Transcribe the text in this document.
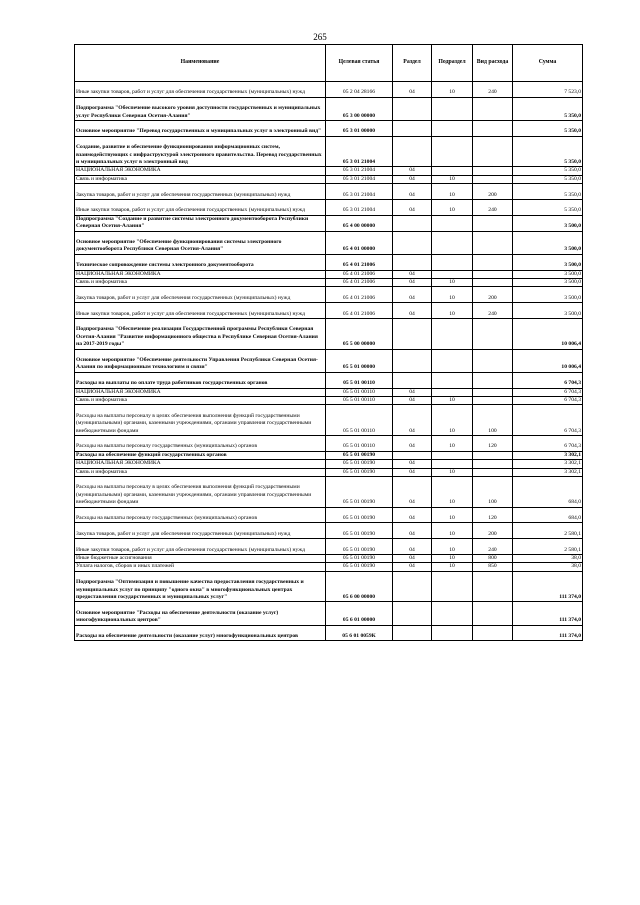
265
Наименование	Целевая статья	Раздел	Подраздел	Вид расхода	Сумма
Иные закупки товаров, работ и услуг для обеспечения государственных (муниципальных) нужд	05 2 04 28166	04	10	240	7 523,0
Подпрограмма "Обеспечение высокого уровня доступности государственных и муниципальных услуг Республики Северная Осетия-Алания"	05 3 00 00000				5 350,0
Основное мероприятие "Перевод государственных и муниципальных услуг в электронный вид"	05 3 01 00000				5 350,0
Создание, развитие и обеспечение функционирования информационных систем, взаимодействующих с инфраструктурой электронного правительства. Перевод государственных и муниципальных услуг в электронный вид	05 3 01 21004				5 350,0
НАЦИОНАЛЬНАЯ ЭКОНОМИКА	05 3 01 21004	04			5 350,0
Связь и информатика	05 3 01 21004	04	10		5 350,0
Закупка товаров, работ и услуг для обеспечения государственных (муниципальных) нужд	05 3 01 21004	04	10	200	5 350,0
Иные закупки товаров, работ и услуг для обеспечения государственных (муниципальных) нужд	05 3 01 21004	04	10	240	5 350,0
Подпрограмма "Создание и развитие системы электронного документооборота Республики Северная Осетия-Алания"	05 4 00 00000				3 500,0
Основное мероприятие "Обеспечение функционирования системы электронного документооборота Республики Северная Осетия-Алания"	05 4 01 00000				3 500,0
Техническое сопровождение системы электронного документооборота	05 4 01 21006				3 500,0
НАЦИОНАЛЬНАЯ ЭКОНОМИКА	05 4 01 21006	04			3 500,0
Связь и информатика	05 4 01 21006	04	10		3 500,0
Закупка товаров, работ и услуг для обеспечения государственных (муниципальных) нужд	05 4 01 21006	04	10	200	3 500,0
Иные закупки товаров, работ и услуг для обеспечения государственных (муниципальных) нужд	05 4 01 21006	04	10	240	3 500,0
Подпрограмма "Обеспечение реализации Государственной программы Республики Северная Осетия-Алания "Развитие информационного общества в Республике Северная Осетия-Алания на 2017-2019 годы"	05 5 00 00000				10 006,4
Основное мероприятие "Обеспечение деятельности Управления Республики Северная Осетия-Алания по информационным технологиям и связи"	05 5 01 00000				10 006,4
Расходы на выплаты по оплате труда работников государственных органов	05 5 01 00110				6 704,3
НАЦИОНАЛЬНАЯ ЭКОНОМИКА	05 5 01 00110	04			6 704,3
Связь и информатика	05 5 01 00110	04	10		6 704,3
Расходы на выплаты персоналу в целях обеспечения выполнения функций государственными (муниципальными) органами, казенными учреждениями, органами управления государственными внебюджетными фондами	05 5 01 00110	04	10	100	6 704,3
Расходы на выплаты персоналу государственных (муниципальных) органов	05 5 01 00110	04	10	120	6 704,3
Расходы на обеспечение функций государственных органов	05 5 01 00190				3 302,1
НАЦИОНАЛЬНАЯ ЭКОНОМИКА	05 5 01 00190	04			3 302,1
Связь и информатика	05 5 01 00190	04	10		3 302,1
Расходы на выплаты персоналу в целях обеспечения выполнения функций государственными (муниципальными) органами, казенными учреждениями, органами управления государственными внебюджетными фондами	05 5 01 00190	04	10	100	684,0
Расходы на выплаты персоналу государственных (муниципальных) органов	05 5 01 00190	04	10	120	684,0
Закупка товаров, работ и услуг для обеспечения государственных (муниципальных) нужд	05 5 01 00190	04	10	200	2 580,1
Иные закупки товаров, работ и услуг для обеспечения государственных (муниципальных) нужд	05 5 01 00190	04	10	240	2 580,1
Иные бюджетные ассигнования	05 5 01 00190	04	10	800	38,0
Уплата налогов, сборов и иных платежей	05 5 01 00190	04	10	850	38,0
Подпрограмма "Оптимизация и повышение качества предоставления государственных и муниципальных услуг по принципу "одного окна" в многофункциональных центрах предоставления государственных и муниципальных услуг"	05 6 00 00000				111 374,0
Основное мероприятие "Расходы на обеспечение деятельности (оказание услуг) многофункциональных центров"	05 6 01 00000				111 374,0
Расходы на обеспечение деятельности (оказание услуг) многофункциональных центров	05 6 01 0059К				111 374,0
